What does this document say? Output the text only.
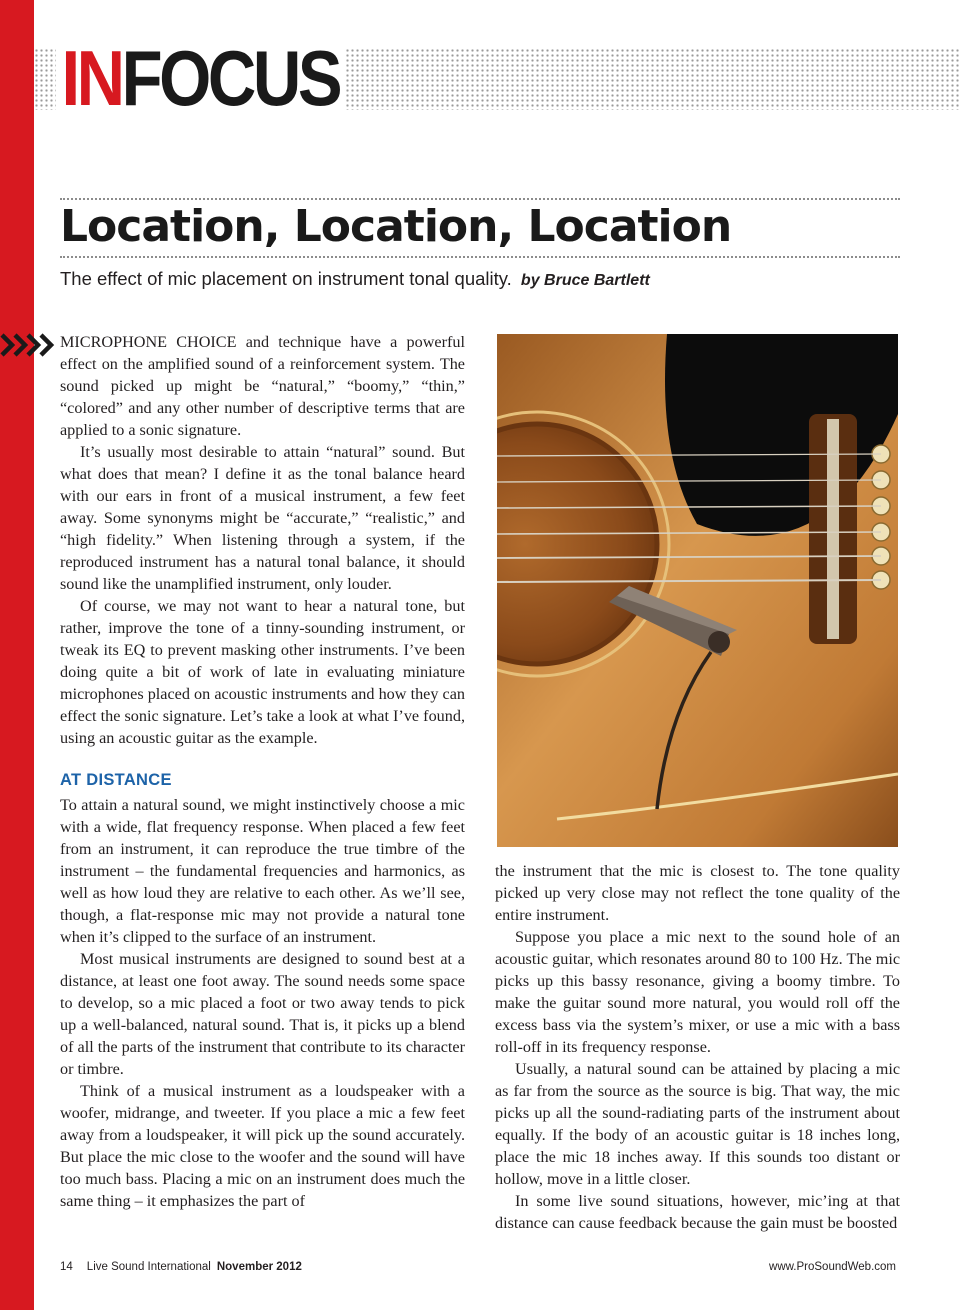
INFOCUS
Location, Location, Location
The effect of mic placement on instrument tonal quality. by Bruce Bartlett

MICROPHONE CHOICE and technique have a powerful effect on the amplified sound of a reinforcement system. The sound picked up might be “natural,” “boomy,” “thin,” “colored” and any other number of descriptive terms that are applied to a sonic signature.

It’s usually most desirable to attain “natural” sound. But what does that mean? I define it as the tonal balance heard with our ears in front of a musical instrument, a few feet away. Some synonyms might be “accurate,” “realistic,” and “high fidelity.” When listening through a system, if the reproduced instrument has a natural tonal balance, it should sound like the unamplified instrument, only louder.

Of course, we may not want to hear a natural tone, but rather, improve the tone of a tinny-sounding instrument, or tweak its EQ to prevent masking other instruments. I’ve been doing quite a bit of work of late in evaluating miniature microphones placed on acoustic instruments and how they can effect the sonic signature. Let’s take a look at what I’ve found, using an acoustic guitar as the example.

AT DISTANCE

To attain a natural sound, we might instinctively choose a mic with a wide, flat frequency response. When placed a few feet from an instrument, it can reproduce the true timbre of the instrument – the fundamental frequencies and harmonics, as well as how loud they are relative to each other. As we’ll see, though, a flat-response mic may not provide a natural tone when it’s clipped to the surface of an instrument.

Most musical instruments are designed to sound best at a distance, at least one foot away. The sound needs some space to develop, so a mic placed a foot or two away tends to pick up a well-balanced, natural sound. That is, it picks up a blend of all the parts of the instrument that contribute to its character or timbre.

Think of a musical instrument as a loudspeaker with a woofer, midrange, and tweeter. If you place a mic a few feet away from a loudspeaker, it will pick up the sound accurately. But place the mic close to the woofer and the sound will have too much bass. Placing a mic on an instrument does much the same thing – it emphasizes the part of

the instrument that the mic is closest to. The tone quality picked up very close may not reflect the tone quality of the entire instrument.

Suppose you place a mic next to the sound hole of an acoustic guitar, which resonates around 80 to 100 Hz. The mic picks up this bassy resonance, giving a boomy timbre. To make the guitar sound more natural, you would roll off the excess bass via the system’s mixer, or use a mic with a bass roll-off in its frequency response.

Usually, a natural sound can be attained by placing a mic as far from the source as the source is big. That way, the mic picks up all the sound-radiating parts of the instrument about equally. If the body of an acoustic guitar is 18 inches long, place the mic 18 inches away. If this sounds too distant or hollow, move in a little closer.

In some live sound situations, however, mic’ing at that distance can cause feedback because the gain must be boosted

14 Live Sound International November 2012	www.ProSoundWeb.com
